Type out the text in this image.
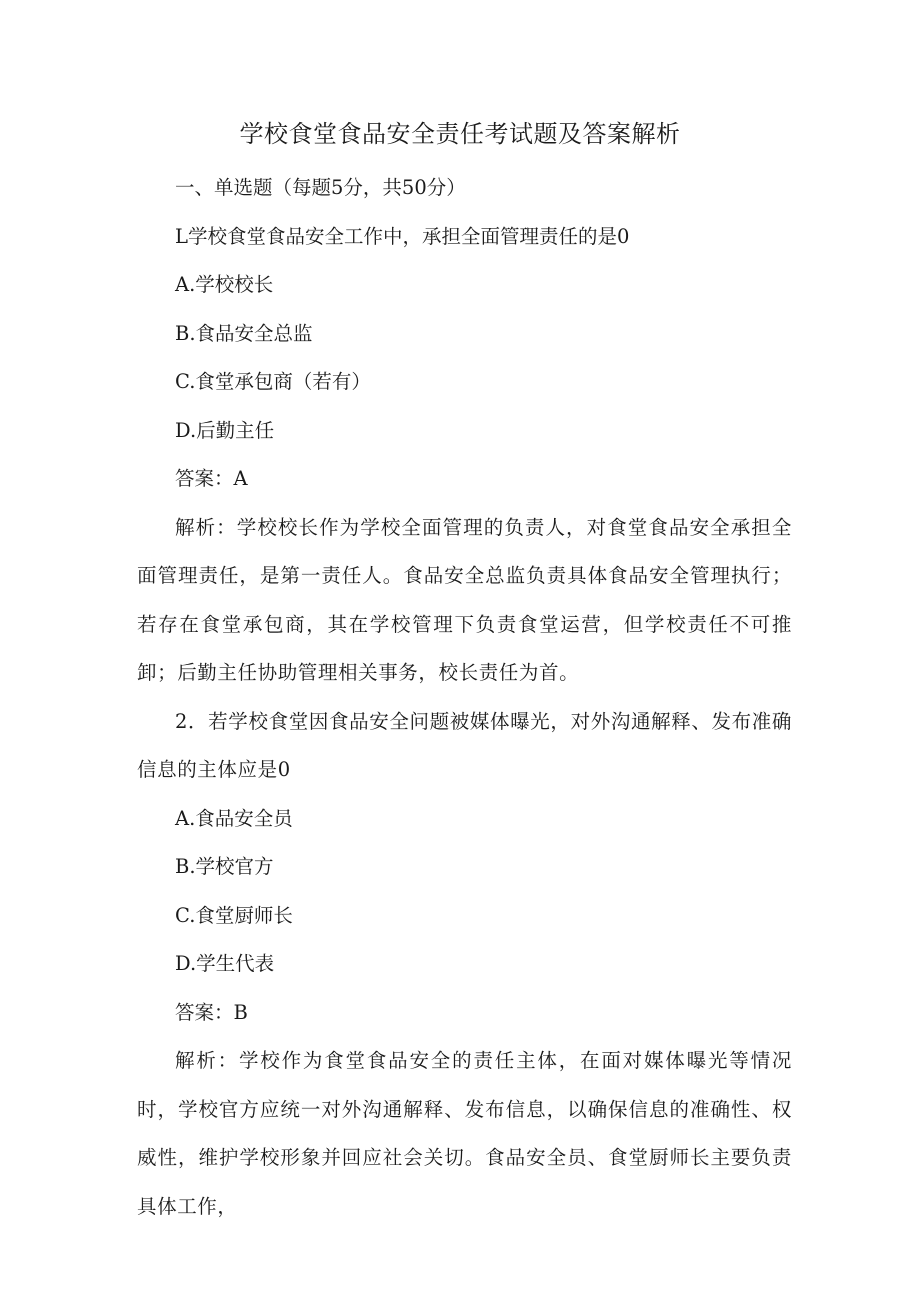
学校食堂食品安全责任考试题及答案解析

一、单选题（每题5分，共50分）

L学校食堂食品安全工作中，承担全面管理责任的是0

A.学校校长

B.食品安全总监

C.食堂承包商（若有）

D.后勤主任

答案：A

解析：学校校长作为学校全面管理的负责人，对食堂食品安全承担全面管理责任，是第一责任人。食品安全总监负责具体食品安全管理执行；若存在食堂承包商，其在学校管理下负责食堂运营，但学校责任不可推卸；后勤主任协助管理相关事务，校长责任为首。

2．若学校食堂因食品安全问题被媒体曝光，对外沟通解释、发布准确信息的主体应是0

A.食品安全员

B.学校官方

C.食堂厨师长

D.学生代表

答案：B

解析：学校作为食堂食品安全的责任主体，在面对媒体曝光等情况时，学校官方应统一对外沟通解释、发布信息，以确保信息的准确性、权威性，维护学校形象并回应社会关切。食品安全员、食堂厨师长主要负责具体工作，
